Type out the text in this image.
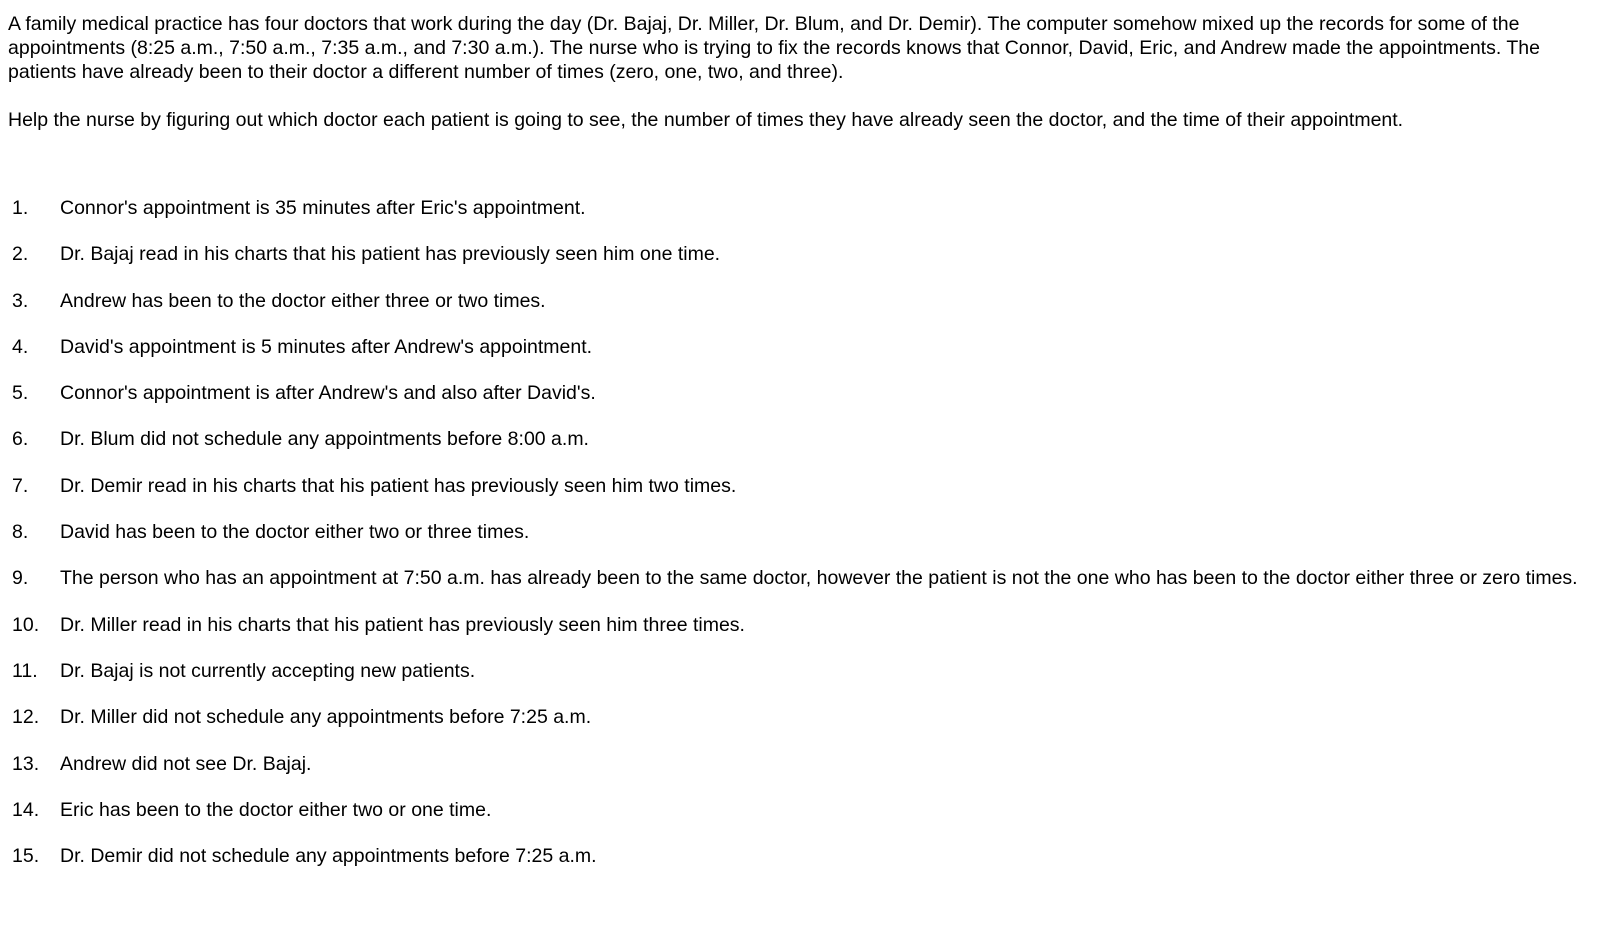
A family medical practice has four doctors that work during the day (Dr. Bajaj, Dr. Miller, Dr. Blum, and Dr. Demir). The computer somehow mixed up the records for some of the appointments (8:25 a.m., 7:50 a.m., 7:35 a.m., and 7:30 a.m.). The nurse who is trying to fix the records knows that Connor, David, Eric, and Andrew made the appointments. The patients have already been to their doctor a different number of times (zero, one, two, and three).

Help the nurse by figuring out which doctor each patient is going to see, the number of times they have already seen the doctor, and the time of their appointment.

1.	Connor's appointment is 35 minutes after Eric's appointment.
2.	Dr. Bajaj read in his charts that his patient has previously seen him one time.
3.	Andrew has been to the doctor either three or two times.
4.	David's appointment is 5 minutes after Andrew's appointment.
5.	Connor's appointment is after Andrew's and also after David's.
6.	Dr. Blum did not schedule any appointments before 8:00 a.m.
7.	Dr. Demir read in his charts that his patient has previously seen him two times.
8.	David has been to the doctor either two or three times.
9.	The person who has an appointment at 7:50 a.m. has already been to the same doctor, however the patient is not the one who has been to the doctor either three or zero times.
10.	Dr. Miller read in his charts that his patient has previously seen him three times.
11.	Dr. Bajaj is not currently accepting new patients.
12.	Dr. Miller did not schedule any appointments before 7:25 a.m.
13.	Andrew did not see Dr. Bajaj.
14.	Eric has been to the doctor either two or one time.
15.	Dr. Demir did not schedule any appointments before 7:25 a.m.
